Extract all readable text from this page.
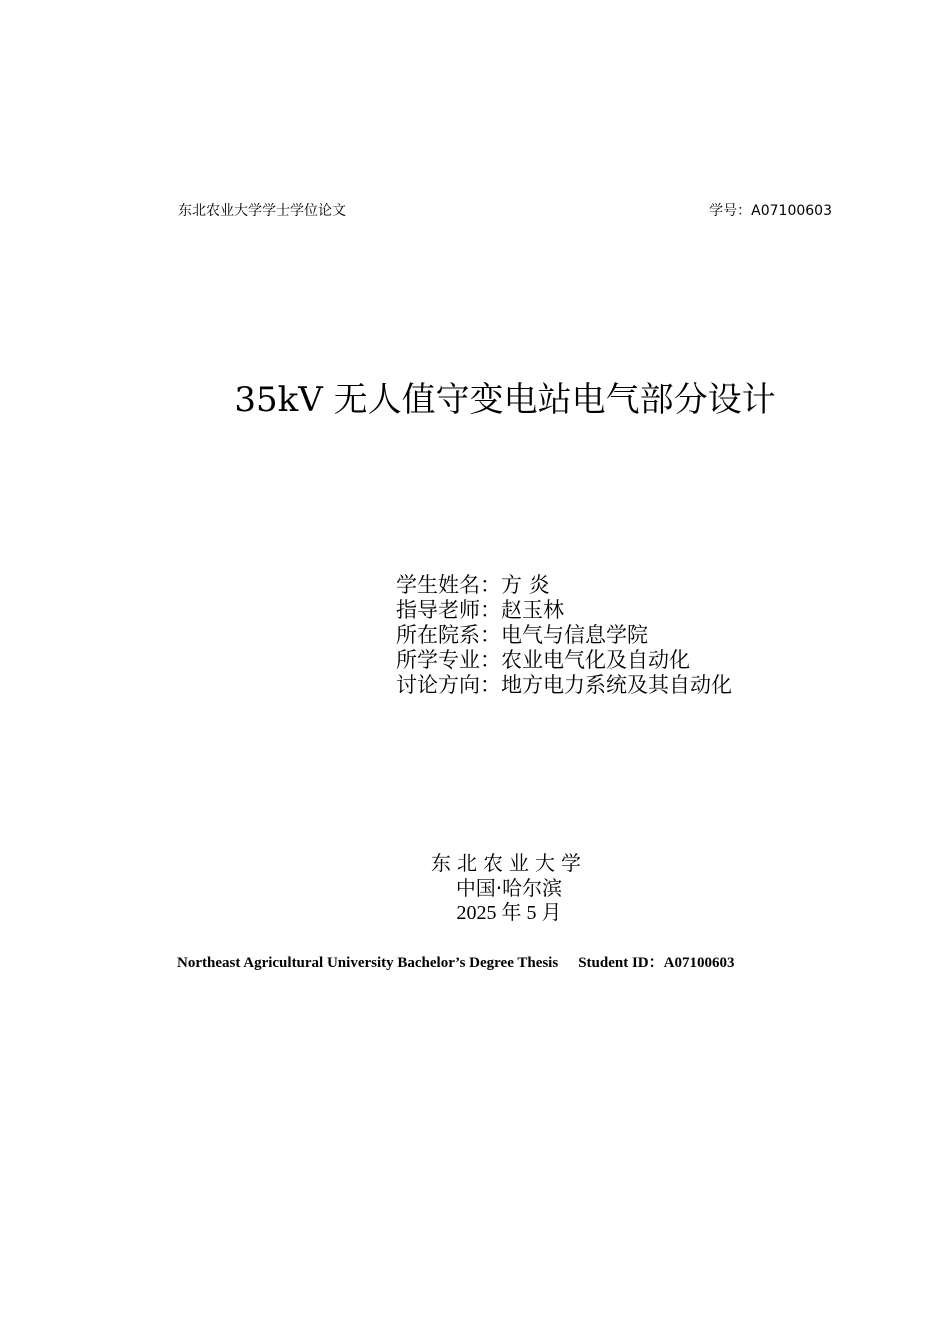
东北农业大学学士学位论文	学号：A07100603
35kV 无人值守变电站电气部分设计
学生姓名：方 炎
指导老师：赵玉林
所在院系：电气与信息学院
所学专业：农业电气化及自动化
讨论方向：地方电力系统及其自动化
东北农业大学
中国·哈尔滨
2025 年 5 月
Northeast Agricultural University Bachelor’s Degree Thesis Student ID：A07100603
